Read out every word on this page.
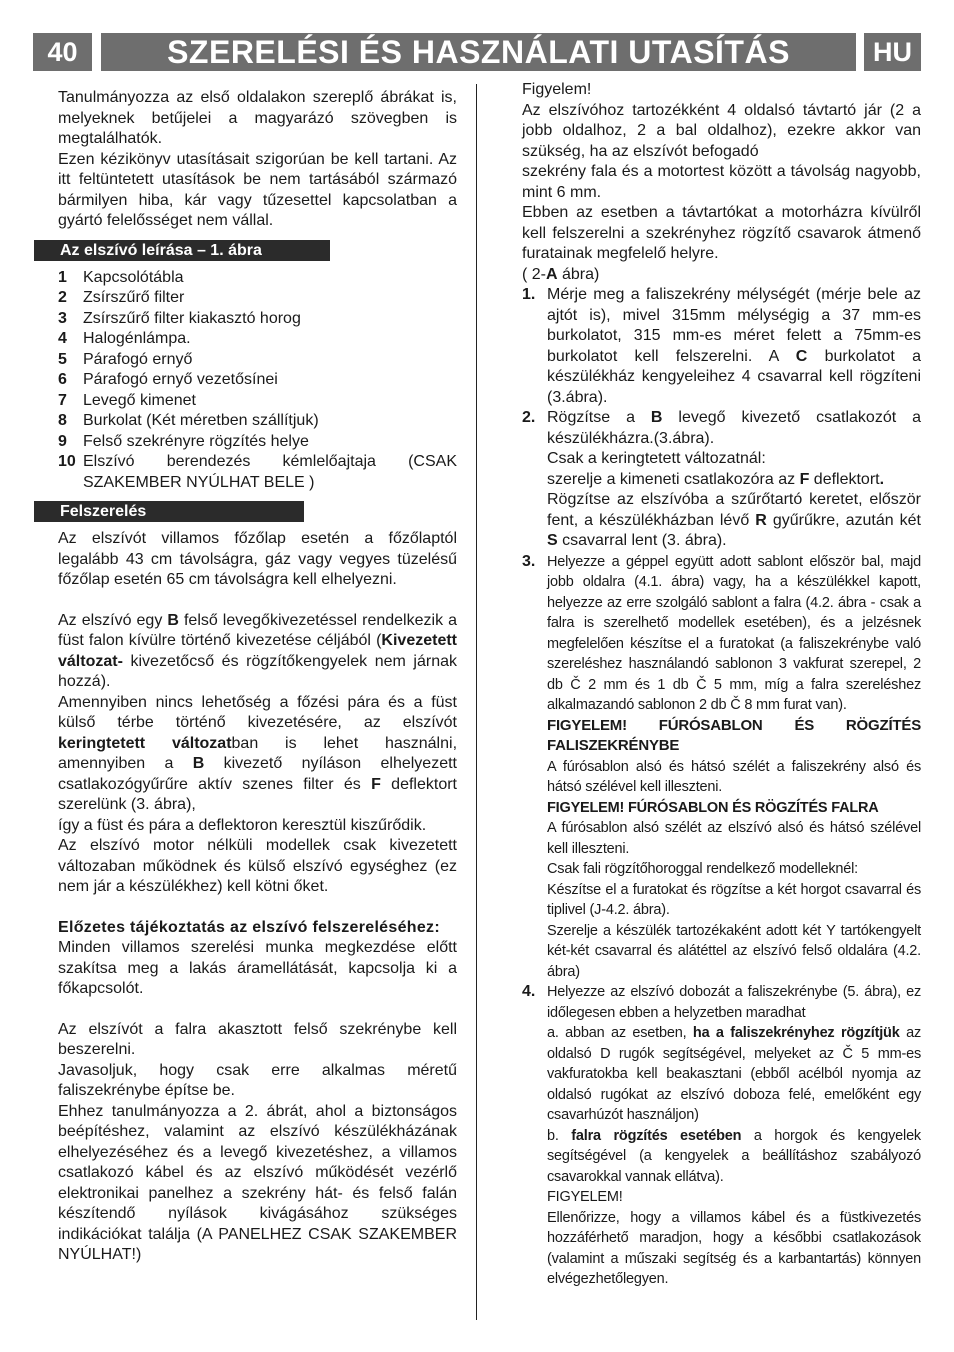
40	SZERELÉSI ÉS HASZNÁLATI UTASÍTÁS	HU

Tanulmányozza az első oldalakon szereplő ábrákat is, melyeknek betűjelei a magyarázó szövegben is megtalálhatók.

Ezen kézikönyv utasításait szigorúan be kell tartani. Az itt feltüntetett utasítások be nem tartásából származó bármilyen hiba, kár vagy tűzesettel kapcsolatban a gyártó felelősséget nem vállal.

Az elszívó leírása – 1. ábra
1	Kapcsolótábla
2	Zsírszűrő filter
3	Zsírszűrő filter kiakasztó horog
4	Halogénlámpa.
5	Párafogó ernyő
6	Párafogó ernyő vezetősínei
7	Levegő kimenet
8	Burkolat (Két méretben szállítjuk)
9	Felső szekrényre rögzítés helye
10 Elszívó berendezés kémlelőajtaja (CSAK SZAKEMBER NYÚLHAT BELE )
Felszerelés

Az elszívót villamos főzőlap esetén a főzőlaptól legalább 43 cm távolságra, gáz vagy vegyes tüzelésű főzőlap esetén 65 cm távolságra kell elhelyezni.

Az elszívó egy B felső levegőkivezetéssel rendelkezik a füst falon kívülre történő kivezetése céljából (Kivezetett változat- kivezetőcső és rögzítőkengyelek nem járnak hozzá).

Amennyiben nincs lehetőség a főzési pára és a füst külső térbe történő kivezetésére, az elszívót keringtetett változatban is lehet használni, amennyiben a B kivezető nyíláson elhelyezett csatlakozógyűrűre aktív szenes filter és F deflektort szerelünk (3. ábra),

így a füst és pára a deflektoron keresztül kiszűrődik.

Az elszívó motor nélküli modellek csak kivezetett változaban működnek és külső elszívó egységhez (ez nem jár a készülékhez) kell kötni őket.

Előzetes tájékoztatás az elszívó felszereléséhez:

Minden villamos szerelési munka megkezdése előtt szakítsa meg a lakás áramellátását, kapcsolja ki a főkapcsolót.

Az elszívót a falra akasztott felső szekrénybe kell beszerelni.

Javasoljuk, hogy csak erre alkalmas méretű faliszekrénybe építse be.

Ehhez tanulmányozza a 2. ábrát, ahol a biztonságos beépítéshez, valamint az elszívó készülékházának elhelyezéséhez és a levegő kivezetéshez, a villamos csatlakozó kábel és az elszívó működését vezérlő elektronikai panelhez a szekrény hát- és felső falán készítendő nyílások kivágásához szükséges indikációkat találja (A PANELHEZ CSAK SZAKEMBER NYÚLHAT!)

Figyelem!

Az elszívóhoz tartozékként 4 oldalsó távtartó jár (2 a jobb oldalhoz, 2 a bal oldalhoz), ezekre akkor van szükség, ha az elszívót befogadó

szekrény fala és a motortest között a távolság nagyobb, mint 6 mm.

Ebben az esetben a távtartókat a motorházra kívülről kell felszerelni a szekrényhez rögzítő csavarok átmenő furatainak megfelelő helyre.

( 2-A ábra)

1. Mérje meg a faliszekrény mélységét (mérje bele az ajtót is), mivel 315mm mélységig a 37 mm-es burkolatot, 315 mm-es méret felett a 75mm-es burkolatot kell felszerelni. A C burkolatot a készülékház kengyeleihez 4 csavarral kell rögzíteni (3.ábra).

2. Rögzítse a B levegő kivezető csatlakozót a készülékházra.(3.ábra).

Csak a keringtetett változatnál:

szerelje a kimeneti csatlakozóra az F deflektort.

Rögzítse az elszívóba a szűrőtartó keretet, először fent, a készülékházban lévő R gyűrűkre, azután két S csavarral lent (3. ábra).

3. Helyezze a géppel együtt adott sablont először bal, majd jobb oldalra (4.1. ábra) vagy, ha a készülékkel kapott, helyezze az erre szolgáló sablont a falra (4.2. ábra - csak a falra is szerelhető modellek esetében), és a jelzésnek megfelelően készítse el a furatokat (a faliszekrénybe való szereléshez használandó sablonon 3 vakfurat szerepel, 2 db Č 2 mm és 1 db Č 5 mm, míg a falra szereléshez alkalmazandó sablonon 2 db Č 8 mm furat van).

FIGYELEM! FÚRÓSABLON ÉS RÖGZÍTÉS FALISZEKRÉNYBE

A fúrósablon alsó és hátsó szélét a faliszekrény alsó és hátsó szélével kell illeszteni.

FIGYELEM! FÚRÓSABLON ÉS RÖGZÍTÉS FALRA

A fúrósablon alsó szélét az elszívó alsó és hátsó szélével kell illeszteni.

Csak fali rögzítőhoroggal rendelkező modelleknél:

Készítse el a furatokat és rögzítse a két horgot csavarral és tiplivel (J-4.2. ábra).

Szerelje a készülék tartozékaként adott két Y tartókengyelt két-két csavarral és alátéttel az elszívó felső oldalára (4.2. ábra)

4. Helyezze az elszívó dobozát a faliszekrénybe (5. ábra), ez időlegesen ebben a helyzetben maradhat

a. abban az esetben, ha a faliszekrényhez rögzítjük az oldalsó D rugók segítségével, melyeket az Č 5 mm-es vakfuratokba kell beakasztani (ebből acélból nyomja az oldalsó rugókat az elszívó doboza felé, emelőként egy csavarhúzót használjon)

b. falra rögzítés esetében a horgok és kengyelek segítségével (a kengyelek a beállításhoz szabályozó csavarokkal vannak ellátva).

FIGYELEM!

Ellenőrizze, hogy a villamos kábel és a füstkivezetés hozzáférhető maradjon, hogy a későbbi csatlakozások (valamint a műszaki segítség és a karbantartás) könnyen elvégezhetőlegyen.
